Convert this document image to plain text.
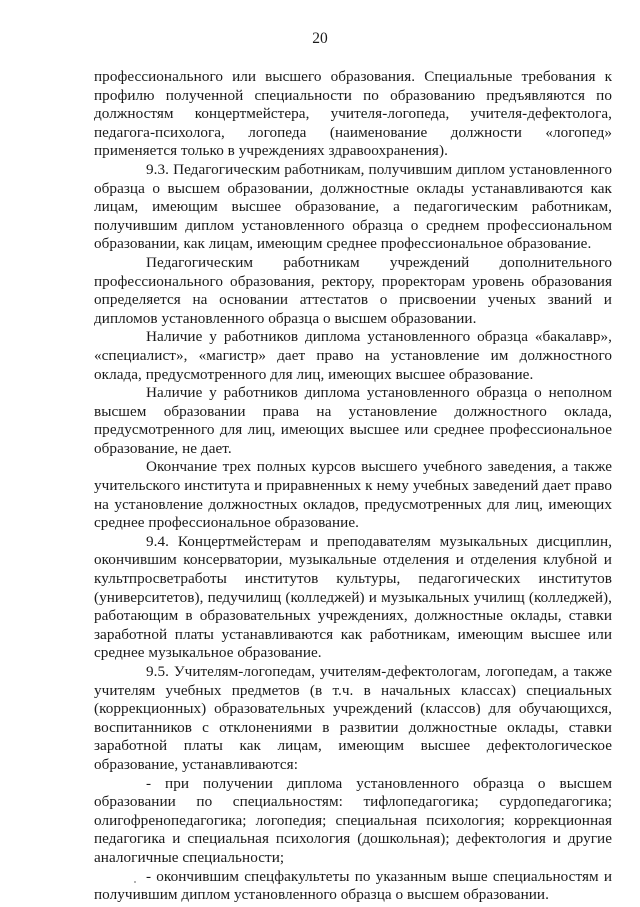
20

профессионального или высшего образования. Специальные требования к профилю полученной специальности по образованию предъявляются по должностям концертмейстера, учителя-логопеда, учителя-дефектолога, педагога-психолога, логопеда (наименование должности «логопед» применяется только в учреждениях здравоохранения).

9.3. Педагогическим работникам, получившим диплом установленного образца о высшем образовании, должностные оклады устанавливаются как лицам, имеющим высшее образование, а педагогическим работникам, получившим диплом установленного образца о среднем профессиональном образовании, как лицам, имеющим среднее профессиональное образование.

Педагогическим работникам учреждений дополнительного профессионального образования, ректору, проректорам уровень образования определяется на основании аттестатов о присвоении ученых званий и дипломов установленного образца о высшем образовании.

Наличие у работников диплома установленного образца «бакалавр», «специалист», «магистр» дает право на установление им должностного оклада, предусмотренного для лиц, имеющих высшее образование.

Наличие у работников диплома установленного образца о неполном высшем образовании права на установление должностного оклада, предусмотренного для лиц, имеющих высшее или среднее профессиональное образование, не дает.

Окончание трех полных курсов высшего учебного заведения, а также учительского института и приравненных к нему учебных заведений дает право на установление должностных окладов, предусмотренных для лиц, имеющих среднее профессиональное образование.

9.4. Концертмейстерам и преподавателям музыкальных дисциплин, окончившим консерватории, музыкальные отделения и отделения клубной и культпросветработы институтов культуры, педагогических институтов (университетов), педучилищ (колледжей) и музыкальных училищ (колледжей), работающим в образовательных учреждениях, должностные оклады, ставки заработной платы устанавливаются как работникам, имеющим высшее или среднее музыкальное образование.

9.5. Учителям-логопедам, учителям-дефектологам, логопедам, а также учителям учебных предметов (в т.ч. в начальных классах) специальных (коррекционных) образовательных учреждений (классов) для обучающихся, воспитанников с отклонениями в развитии должностные оклады, ставки заработной платы как лицам, имеющим высшее дефектологическое образование, устанавливаются:

- при получении диплома установленного образца о высшем образовании по специальностям: тифлопедагогика; сурдопедагогика; олигофренопедагогика; логопедия; специальная психология; коррекционная педагогика и специальная психология (дошкольная); дефектология и другие аналогичные специальности;

- окончившим спецфакультеты по указанным выше специальностям и получившим диплом установленного образца о высшем образовании.
